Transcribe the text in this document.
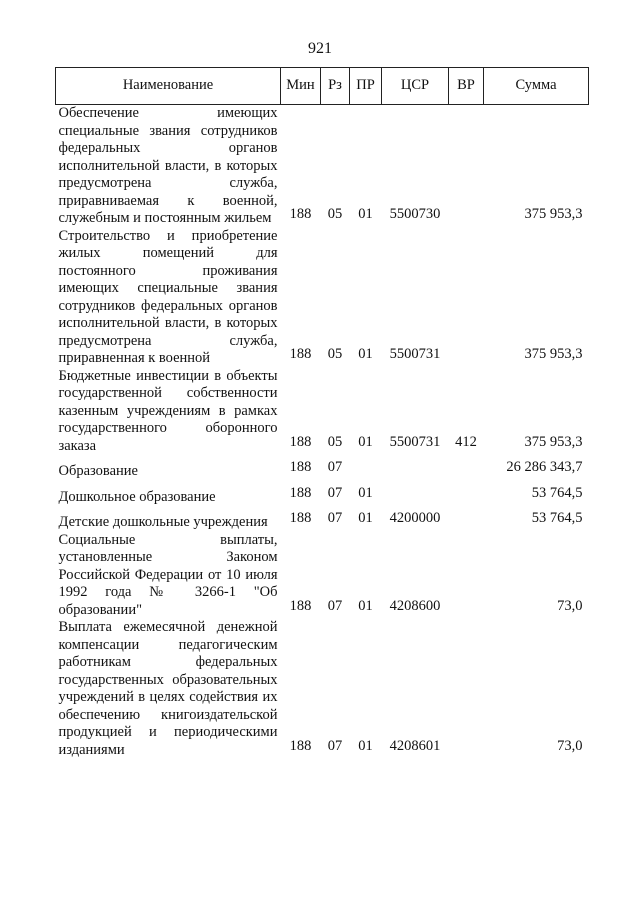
921
Наименование	Мин	Рз	ПР	ЦСР	ВР	Сумма
Обеспечение имеющих специальные звания сотрудников федеральных органов исполнительной власти, в которых предусмотрена служба, приравниваемая к военной, служебным и постоянным жильем	188	05	01	5500730		375 953,3
Строительство и приобретение жилых помещений для постоянного проживания имеющих специальные звания сотрудников федеральных органов исполнительной власти, в которых предусмотрена служба, приравненная к военной	188	05	01	5500731		375 953,3
Бюджетные инвестиции в объекты государственной собственности казенным учреждениям в рамках государственного оборонного заказа	188	05	01	5500731	412	375 953,3
Образование	188	07				26 286 343,7
Дошкольное образование	188	07	01			53 764,5
Детские дошкольные учреждения	188	07	01	4200000		53 764,5
Социальные выплаты, установленные Законом Российской Федерации от 10 июля 1992 года № 3266-1 "Об образовании"	188	07	01	4208600		73,0
Выплата ежемесячной денежной компенсации педагогическим работникам федеральных государственных образовательных учреждений в целях содействия их обеспечению книгоиздательской продукцией и периодическими изданиями	188	07	01	4208601		73,0
